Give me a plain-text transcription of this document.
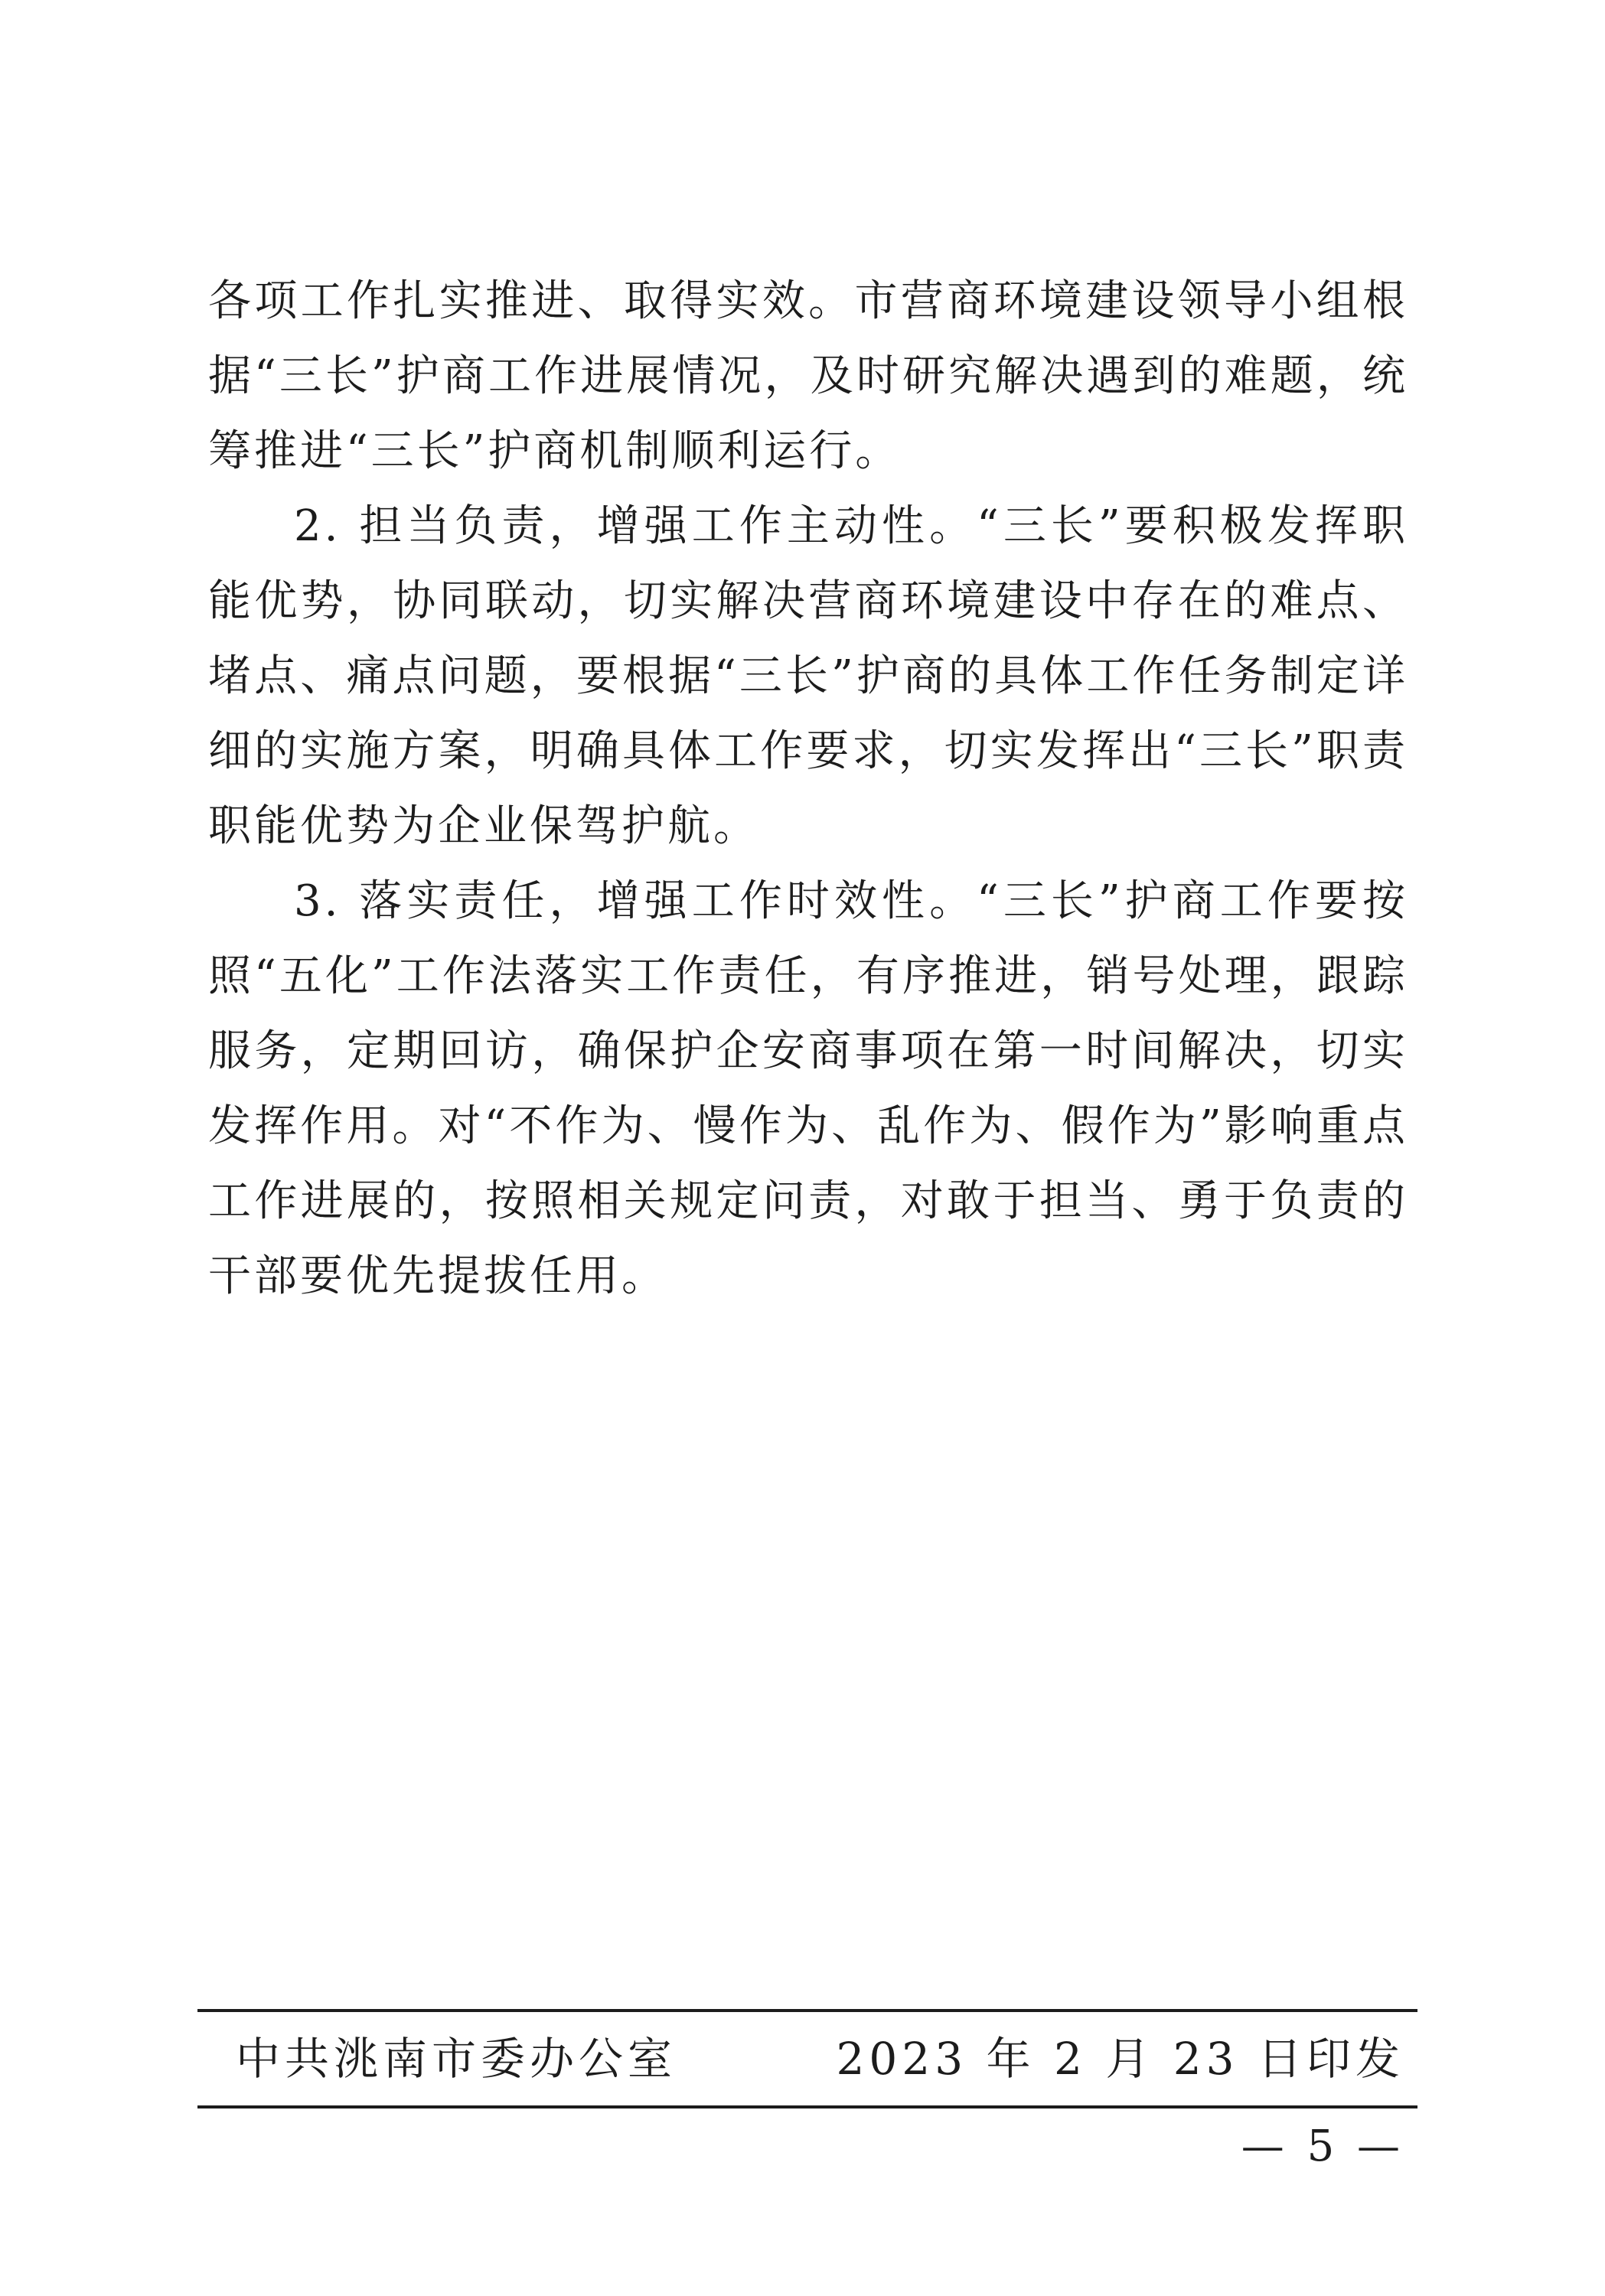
各项工作扎实推进、取得实效。市营商环境建设领导小组根据“三长”护商工作进展情况，及时研究解决遇到的难题，统筹推进“三长”护商机制顺利运行。

2. 担当负责，增强工作主动性。“三长”要积极发挥职能优势，协同联动，切实解决营商环境建设中存在的难点、堵点、痛点问题，要根据“三长”护商的具体工作任务制定详细的实施方案，明确具体工作要求，切实发挥出“三长”职责职能优势为企业保驾护航。

3. 落实责任，增强工作时效性。“三长”护商工作要按照“五化”工作法落实工作责任，有序推进，销号处理，跟踪服务，定期回访，确保护企安商事项在第一时间解决，切实发挥作用。对“不作为、慢作为、乱作为、假作为”影响重点工作进展的，按照相关规定问责，对敢于担当、勇于负责的干部要优先提拔任用。

中共洮南市委办公室	2023 年 2 月 23 日印发
— 5 —
